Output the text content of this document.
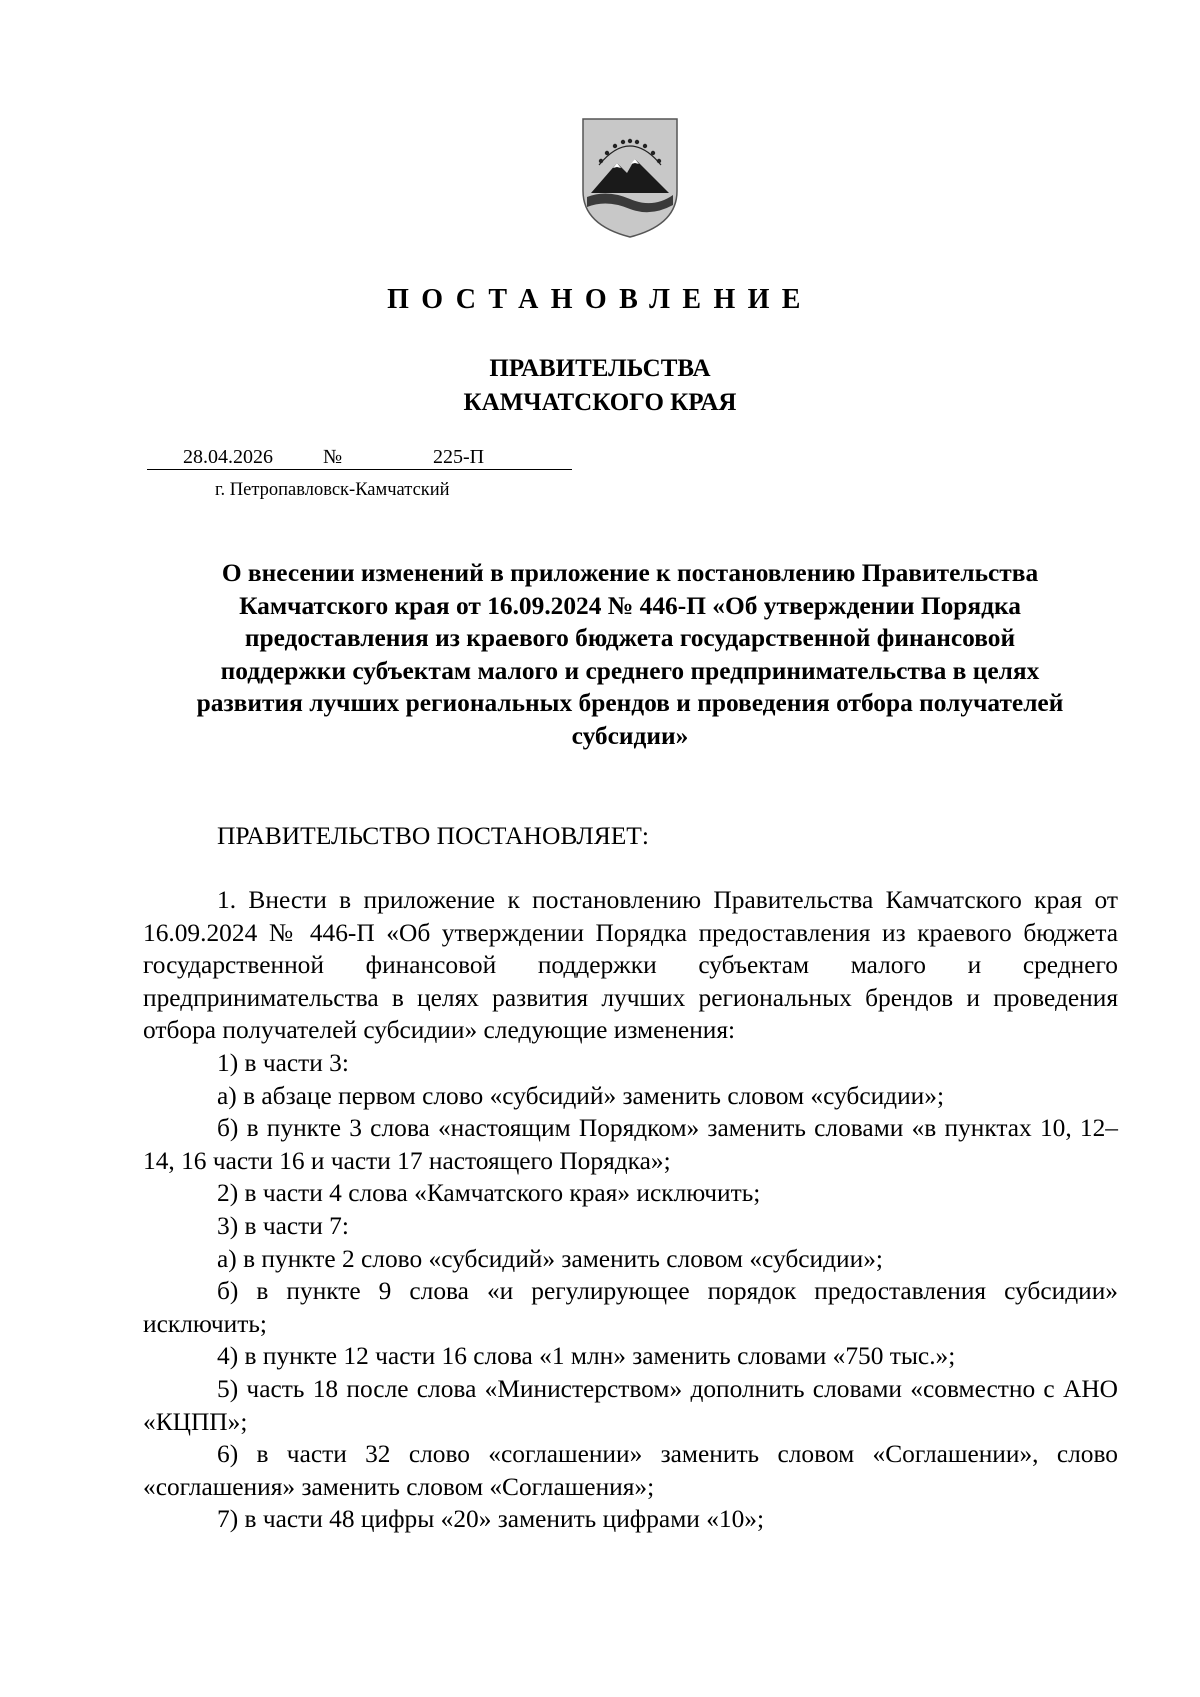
ПОСТАНОВЛЕНИЕ
ПРАВИТЕЛЬСТВА
КАМЧАТСКОГО КРАЯ
28.04.2026	№	225-П
г. Петропавловск-Камчатский
О внесении изменений в приложение к постановлению Правительства
Камчатского края от 16.09.2024 № 446-П «Об утверждении Порядка
предоставления из краевого бюджета государственной финансовой
поддержки субъектам малого и среднего предпринимательства в целях
развития лучших региональных брендов и проведения отбора получателей
субсидии»
ПРАВИТЕЛЬСТВО ПОСТАНОВЛЯЕТ:

1. Внести в приложение к постановлению Правительства Камчатского края от 16.09.2024 № 446-П «Об утверждении Порядка предоставления из краевого бюджета государственной финансовой поддержки субъектам малого и среднего предпринимательства в целях развития лучших региональных брендов и проведения отбора получателей субсидии» следующие изменения:

1) в части 3:

а) в абзаце первом слово «субсидий» заменить словом «субсидии»;

б) в пункте 3 слова «настоящим Порядком» заменить словами «в пунктах 10, 12–14, 16 части 16 и части 17 настоящего Порядка»;

2) в части 4 слова «Камчатского края» исключить;

3) в части 7:

а) в пункте 2 слово «субсидий» заменить словом «субсидии»;

б) в пункте 9 слова «и регулирующее порядок предоставления субсидии» исключить;

4) в пункте 12 части 16 слова «1 млн» заменить словами «750 тыс.»;

5) часть 18 после слова «Министерством» дополнить словами «совместно с АНО «КЦПП»;

6) в части 32 слово «соглашении» заменить словом «Соглашении», слово «соглашения» заменить словом «Соглашения»;

7) в части 48 цифры «20» заменить цифрами «10»;
